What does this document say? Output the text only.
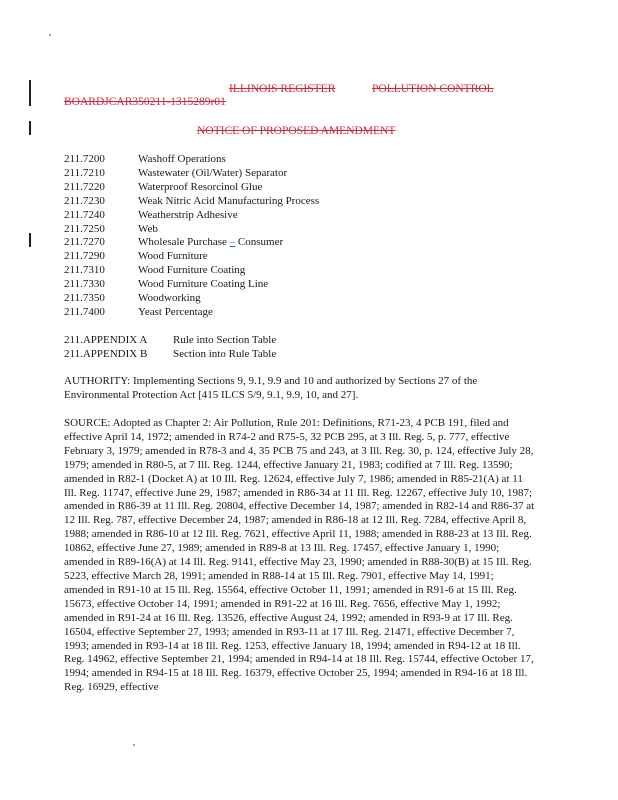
ILLINOIS REGISTER	POLLUTION CONTROL
BOARDJCAR350211-1315289r01
NOTICE OF PROPOSED AMENDMENT
211.7200	Washoff Operations
211.7210	Wastewater (Oil/Water) Separator
211.7220	Waterproof Resorcinol Glue
211.7230	Weak Nitric Acid Manufacturing Process
211.7240	Weatherstrip Adhesive
211.7250	Web
211.7270	Wholesale Purchase – Consumer
211.7290	Wood Furniture
211.7310	Wood Furniture Coating
211.7330	Wood Furniture Coating Line
211.7350	Woodworking
211.7400	Yeast Percentage
211.APPENDIX A	Rule into Section Table
211.APPENDIX B	Section into Rule Table
AUTHORITY: Implementing Sections 9, 9.1, 9.9 and 10 and authorized by Sections 27 of the Environmental Protection Act [415 ILCS 5/9, 9.1, 9.9, 10, and 27].
SOURCE: Adopted as Chapter 2: Air Pollution, Rule 201: Definitions, R71-23, 4 PCB 191, filed and effective April 14, 1972; amended in R74-2 and R75-5, 32 PCB 295, at 3 Ill. Reg. 5, p. 777, effective February 3, 1979; amended in R78-3 and 4, 35 PCB 75 and 243, at 3 Ill. Reg. 30, p. 124, effective July 28, 1979; amended in R80-5, at 7 Ill. Reg. 1244, effective January 21, 1983; codified at 7 Ill. Reg. 13590; amended in R82-1 (Docket A) at 10 Ill. Reg. 12624, effective July 7, 1986; amended in R85-21(A) at 11 Ill. Reg. 11747, effective June 29, 1987; amended in R86-34 at 11 Ill. Reg. 12267, effective July 10, 1987; amended in R86-39 at 11 Ill. Reg. 20804, effective December 14, 1987; amended in R82-14 and R86-37 at 12 Ill. Reg. 787, effective December 24, 1987; amended in R86-18 at 12 Ill. Reg. 7284, effective April 8, 1988; amended in R86-10 at 12 Ill. Reg. 7621, effective April 11, 1988; amended in R88-23 at 13 Ill. Reg. 10862, effective June 27, 1989; amended in R89-8 at 13 Ill. Reg. 17457, effective January 1, 1990; amended in R89-16(A) at 14 Ill. Reg. 9141, effective May 23, 1990; amended in R88-30(B) at 15 Ill. Reg. 5223, effective March 28, 1991; amended in R88-14 at 15 Ill. Reg. 7901, effective May 14, 1991; amended in R91-10 at 15 Ill. Reg. 15564, effective October 11, 1991; amended in R91-6 at 15 Ill. Reg. 15673, effective October 14, 1991; amended in R91-22 at 16 Ill. Reg. 7656, effective May 1, 1992; amended in R91-24 at 16 Ill. Reg. 13526, effective August 24, 1992; amended in R93-9 at 17 Ill. Reg. 16504, effective September 27, 1993; amended in R93-11 at 17 Ill. Reg. 21471, effective December 7, 1993; amended in R93-14 at 18 Ill. Reg. 1253, effective January 18, 1994; amended in R94-12 at 18 Ill. Reg. 14962, effective September 21, 1994; amended in R94-14 at 18 Ill. Reg. 15744, effective October 17, 1994; amended in R94-15 at 18 Ill. Reg. 16379, effective October 25, 1994; amended in R94-16 at 18 Ill. Reg. 16929, effective
